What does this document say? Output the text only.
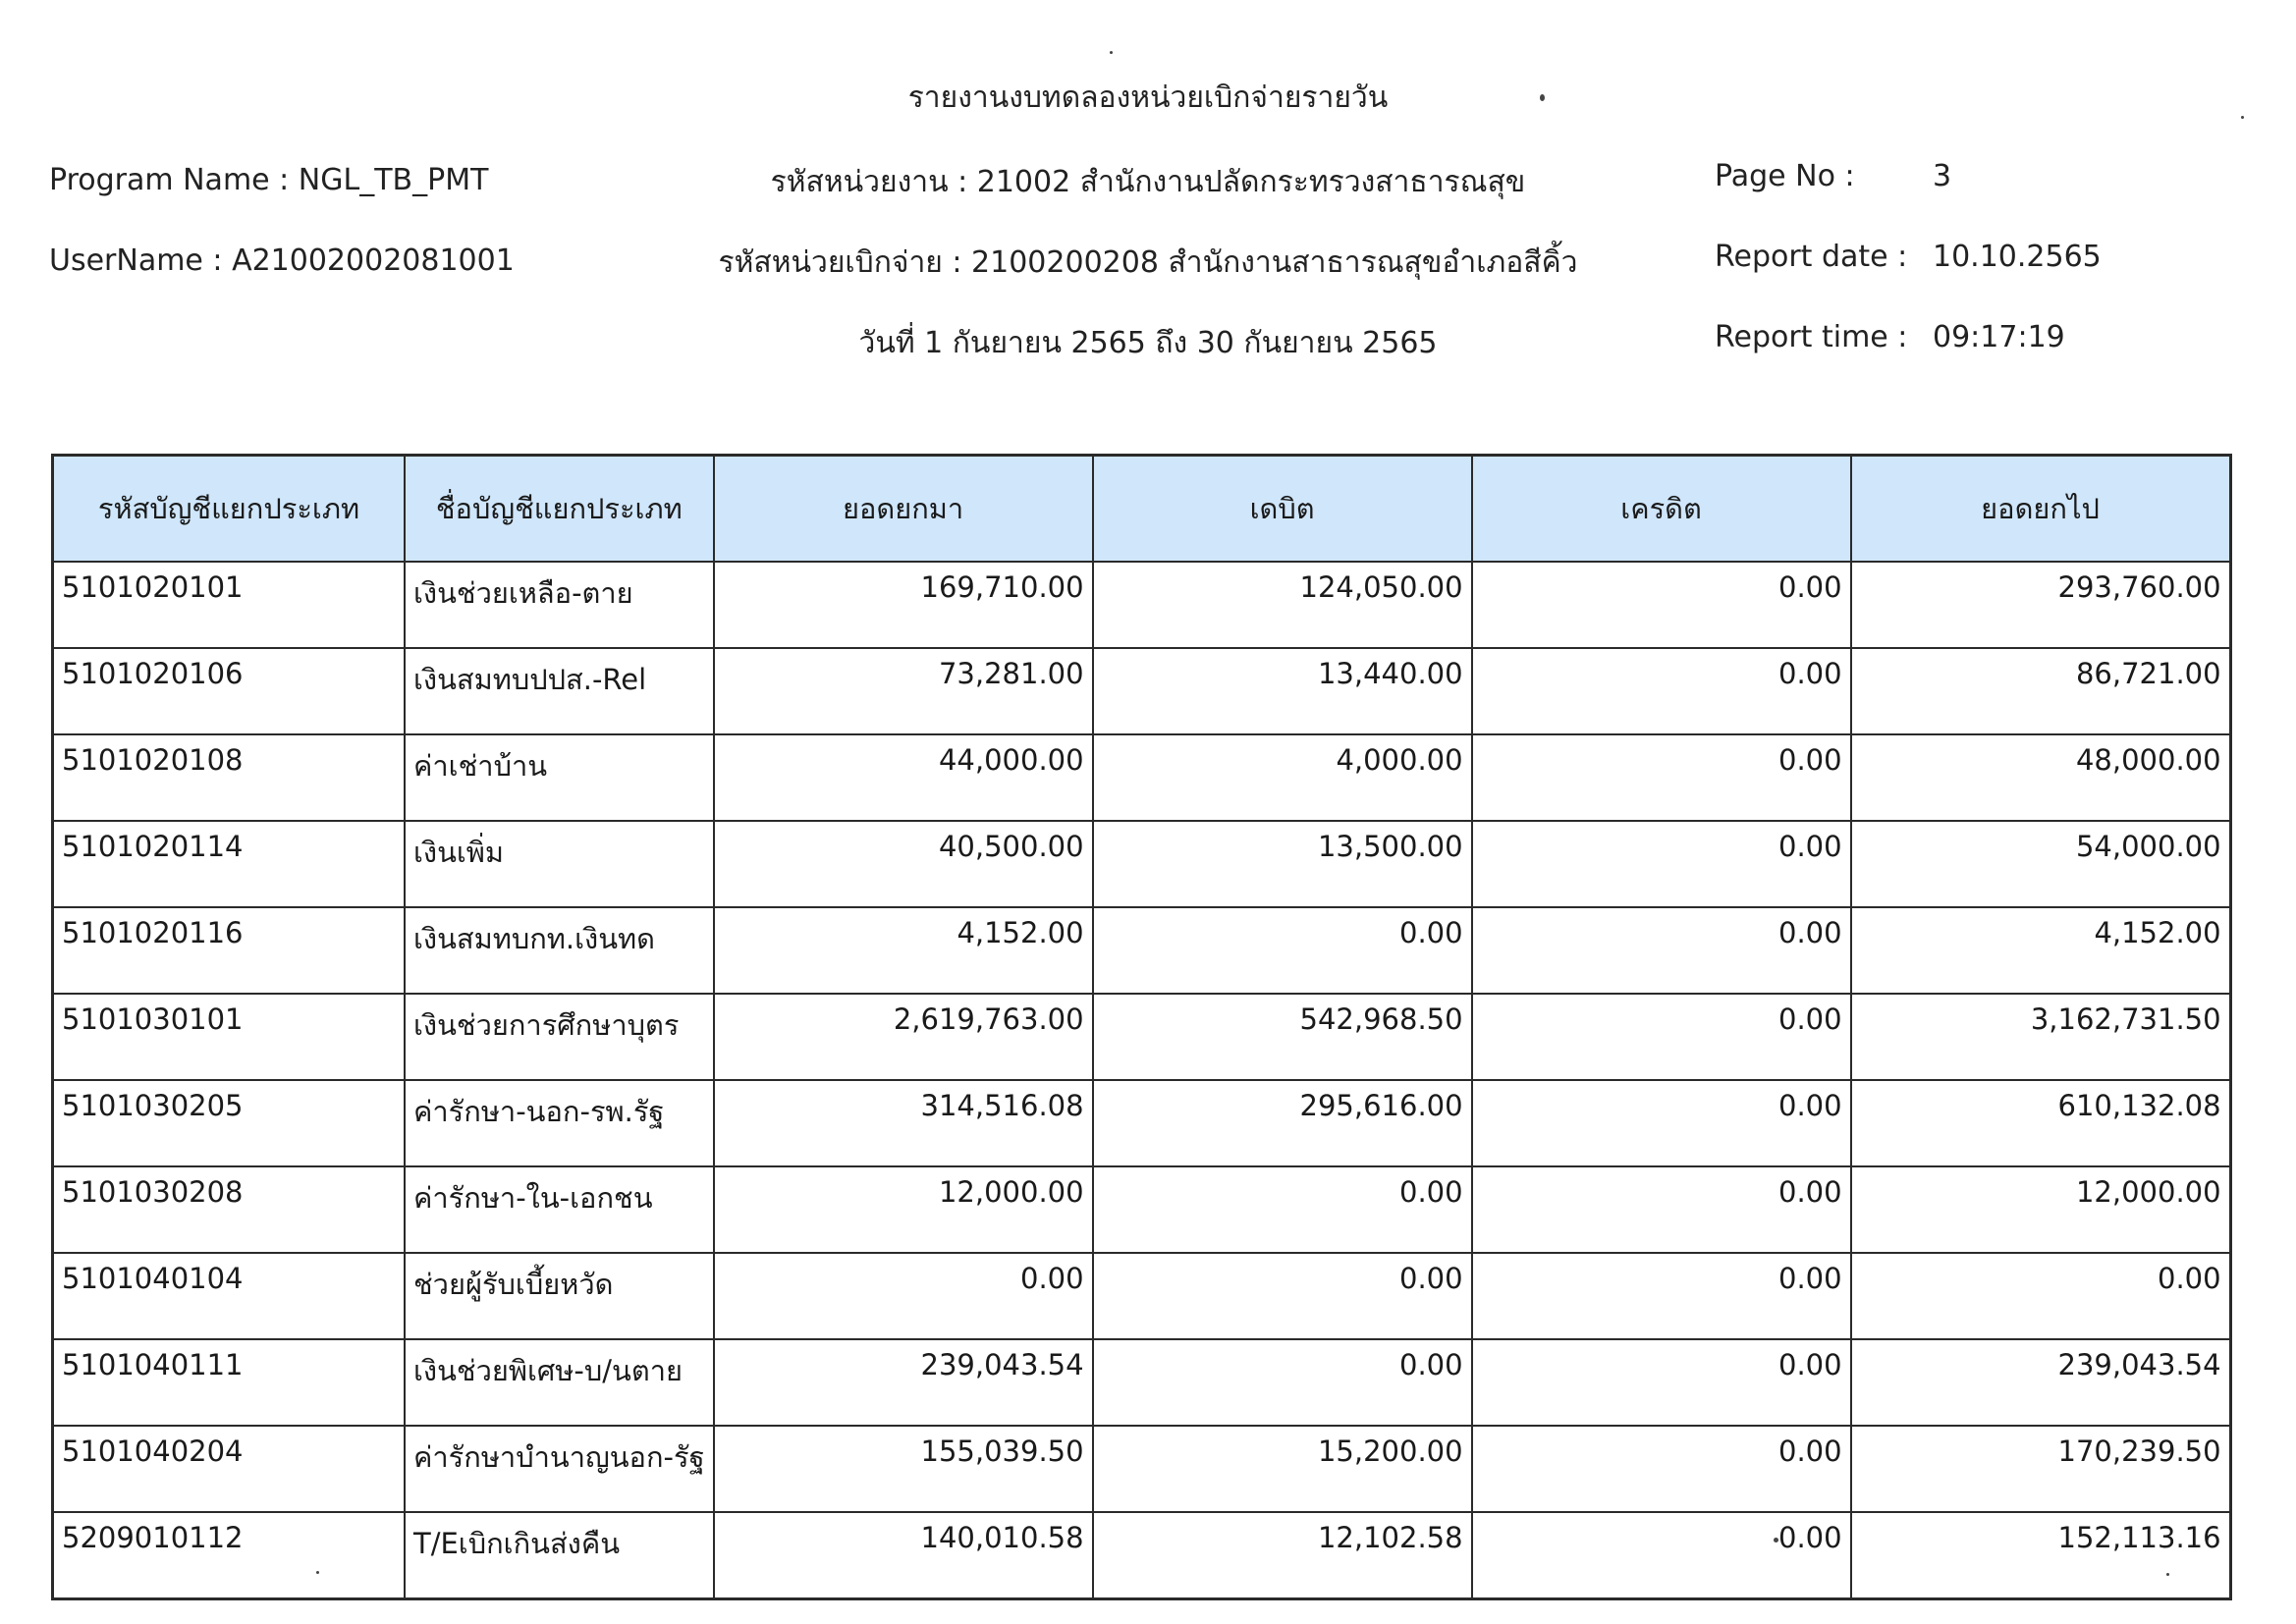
รายงานงบทดลองหน่วยเบิกจ่ายรายวัน
Program Name : NGL_TB_PMT
UserName : A21002002081001
รหัสหน่วยงาน : 21002 สำนักงานปลัดกระทรวงสาธารณสุข
รหัสหน่วยเบิกจ่าย : 2100200208 สำนักงานสาธารณสุขอำเภอสีคิ้ว
วันที่ 1 กันยายน 2565 ถึง 30 กันยายน 2565
Page No :	3
Report date : 10.10.2565
Report time : 09:17:19
รหัสบัญชีแยกประเภท	ชื่อบัญชีแยกประเภท	ยอดยกมา	เดบิต	เครดิต	ยอดยกไป
5101020101	เงินช่วยเหลือ-ตาย	169,710.00	124,050.00	0.00	293,760.00
5101020106	เงินสมทบปปส.-Rel	73,281.00	13,440.00	0.00	86,721.00
5101020108	ค่าเช่าบ้าน	44,000.00	4,000.00	0.00	48,000.00
5101020114	เงินเพิ่ม	40,500.00	13,500.00	0.00	54,000.00
5101020116	เงินสมทบกท.เงินทด	4,152.00	0.00	0.00	4,152.00
5101030101	เงินช่วยการศึกษาบุตร	2,619,763.00	542,968.50	0.00	3,162,731.50
5101030205	ค่ารักษา-นอก-รพ.รัฐ	314,516.08	295,616.00	0.00	610,132.08
5101030208	ค่ารักษา-ใน-เอกชน	12,000.00	0.00	0.00	12,000.00
5101040104	ช่วยผู้รับเบี้ยหวัด	0.00	0.00	0.00	0.00
5101040111	เงินช่วยพิเศษ-บ/นตาย	239,043.54	0.00	0.00	239,043.54
5101040204	ค่ารักษาบำนาญนอก-รัฐ	155,039.50	15,200.00	0.00	170,239.50
5209010112	T/Eเบิกเกินส่งคืน	140,010.58	12,102.58	0.00	152,113.16
